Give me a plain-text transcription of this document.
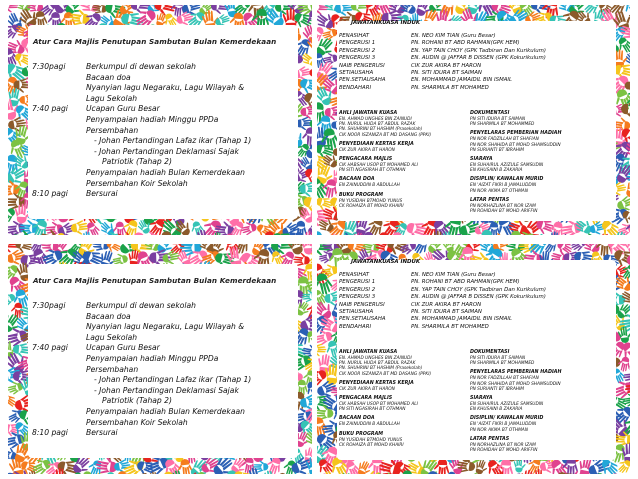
Atur Cara Majlis Penutupan Sambutan Bulan Kemerdekaan
7:30pagi	Berkumpul di dewan sekolah
Bacaan doa
Nyanyian lagu Negaraku, Lagu Wilayah &
Lagu Sekolah
7:40 pagi	Ucapan Guru Besar
Penyampaian hadiah Minggu PPDa
Persembahan
- Johan Pertandingan Lafaz ikar (Tahap 1)
- Johan Pertandingan Deklamasi Sajak
Patriotik (Tahap 2)
Penyampaian hadiah Bulan Kemerdekaan
Persembahan Koir Sekolah
8:10 pagi	Bersurai
JAWATANKUASA INDUK
PENASIHAT	EN. NEO KIM TIAN (Guru Besar)
PENGERUSI 1	PN. ROHANI BT ABD RAHMAN(GPK HEM)
PENGERUSI 2	EN. YAP TAIN CHOY (GPK Tadbiran Dan Kurikulum)
PENGERUSI 3	EN. AUDIN @ JAFFAR B DISSEN (GPK Kokurikulum)
NAIB PENGERUSI	CIK ZUR AKIRA BT HARON
SETIAUSAHA	PN. SITI IDURA BT SAIMAN
PEN.SETIAUSAHA	EN. MOHAMMAD JAMAIDIL BIN ISMAIL
BENDAHARI	PN. SHARMILA BT MOHAMED
AHLI JAWATAN KUASA
EN. AHMAD UNGHES BIN ZAINUDI
PN. NURUL HUDA BT ABDUL RAZAK
PN. SHUHRINI BT HASHIM (Prasekolah)
CIK NOOR ISZANIZA BT MD DASANG (PPKI)
PENYEDIAAN KERTAS KERJA
CIK ZUR AKIRA BT HARON
PENGACARA MAJLIS
CIK HABSAH USOP BT MOHAMED ALI
PN SITI NGASIRAH BT OTHMAN
BACAAN DOA
EN ZAINUDDIN B ABDULLAH
BUKU PROGRAM
PN YUSIDAH BTMOHD YUNUS
CK ROHAIZA BT MOHD KHAIRI
DOKUMENTASI
PN SITI IDURA BT SAIMAN
PN SHARMILA BT MOHAMMED
PENYELARAS PEMBERIAN HADIAH
PN NOR FADZILLAH BT SHAFIAN
PN NOR SHAHIDA BT MOHD SHAMSUDDIN
PN SURIANTI BT IBRAHIM
SIARAYA
EN SUHAIRUL AZIZULE SAMSUDIN
EN KHUSAINI B ZAKARIA
DISIPLIN/ KAWALAN MURID
EN 'AIZAT FIKRI B JAMALUDDIN
PN NOR AKMA BT OTHMAN
LATAR PENTAS
PN NORHAZLINA BT NOR IZAM
PN ROHIDAH BT MOHD ARIFFIN
Atur Cara Majlis Penutupan Sambutan Bulan Kemerdekaan
7:30pagi	Berkumpul di dewan sekolah
Bacaan doa
Nyanyian lagu Negaraku, Lagu Wilayah &
Lagu Sekolah
7:40 pagi	Ucapan Guru Besar
Penyampaian hadiah Minggu PPDa
Persembahan
- Johan Pertandingan Lafaz ikar (Tahap 1)
- Johan Pertandingan Deklamasi Sajak
Patriotik (Tahap 2)
Penyampaian hadiah Bulan Kemerdekaan
Persembahan Koir Sekolah
8:10 pagi	Bersurai
JAWATANKUASA INDUK
PENASIHAT	EN. NEO KIM TIAN (Guru Besar)
PENGERUSI 1	PN. ROHANI BT ABD RAHMAN(GPK HEM)
PENGERUSI 2	EN. YAP TAIN CHOY (GPK Tadbiran Dan Kurikulum)
PENGERUSI 3	EN. AUDIN @ JAFFAR B DISSEN (GPK Kokurikulum)
NAIB PENGERUSI	CIK ZUR AKIRA BT HARON
SETIAUSAHA	PN. SITI IDURA BT SAIMAN
PEN.SETIAUSAHA	EN. MOHAMMAD JAMAIDIL BIN ISMAIL
BENDAHARI	PN. SHARMILA BT MOHAMED
AHLI JAWATAN KUASA
EN. AHMAD UNGHES BIN ZAINUDI
PN. NURUL HUDA BT ABDUL RAZAK
PN. SHUHRINI BT HASHIM (Prasekolah)
CIK NOOR ISZANIZA BT MD DASANG (PPKI)
PENYEDIAAN KERTAS KERJA
CIK ZUR AKIRA BT HARON
PENGACARA MAJLIS
CIK HABSAH USOP BT MOHAMED ALI
PN SITI NGASIRAH BT OTHMAN
BACAAN DOA
EN ZAINUDDIN B ABDULLAH
BUKU PROGRAM
PN YUSIDAH BTMOHD YUNUS
CK ROHAIZA BT MOHD KHAIRI
DOKUMENTASI
PN SITI IDURA BT SAIMAN
PN SHARMILA BT MOHAMMED
PENYELARAS PEMBERIAN HADIAH
PN NOR FADZILLAH BT SHAFIAN
PN NOR SHAHIDA BT MOHD SHAMSUDDIN
PN SURIANTI BT IBRAHIM
SIARAYA
EN SUHAIRUL AZIZULE SAMSUDIN
EN KHUSAINI B ZAKARIA
DISIPLIN/ KAWALAN MURID
EN 'AIZAT FIKRI B JAMALUDDIN
PN NOR AKMA BT OTHMAN
LATAR PENTAS
PN NORHAZLINA BT NOR IZAM
PN ROHIDAH BT MOHD ARIFFIN
